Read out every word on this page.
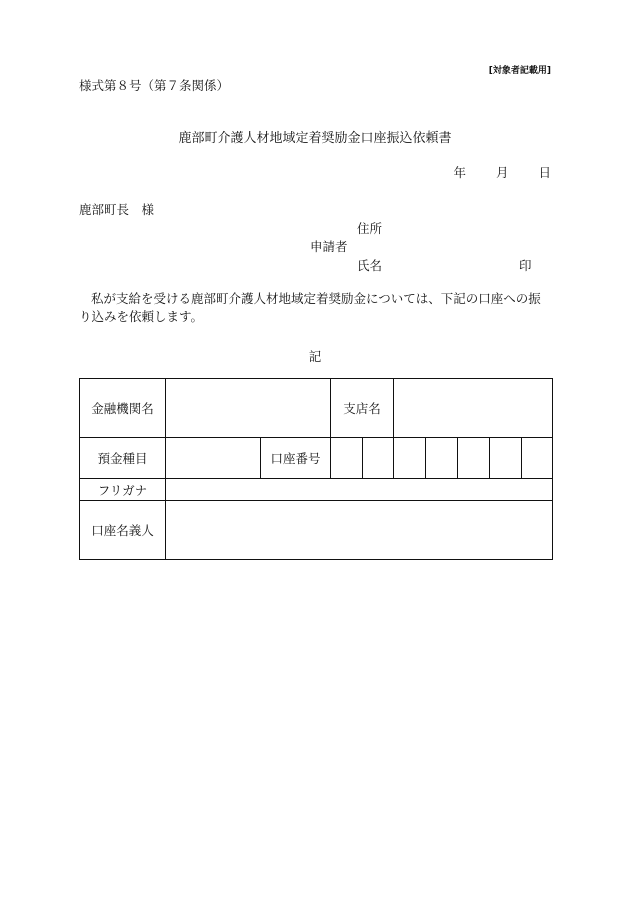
[対象者記載用]
様式第８号（第７条関係）
鹿部町介護人材地域定着奨励金口座振込依頼書
年 月 日
鹿部町長　様
住所
申請者
氏名	印
私が支給を受ける鹿部町介護人材地域定着奨励金については、下記の口座への振り込みを依頼します。
記
金融機関名			支店名						
預金種目		口座番号							
フリガナ									
口座名義人									
